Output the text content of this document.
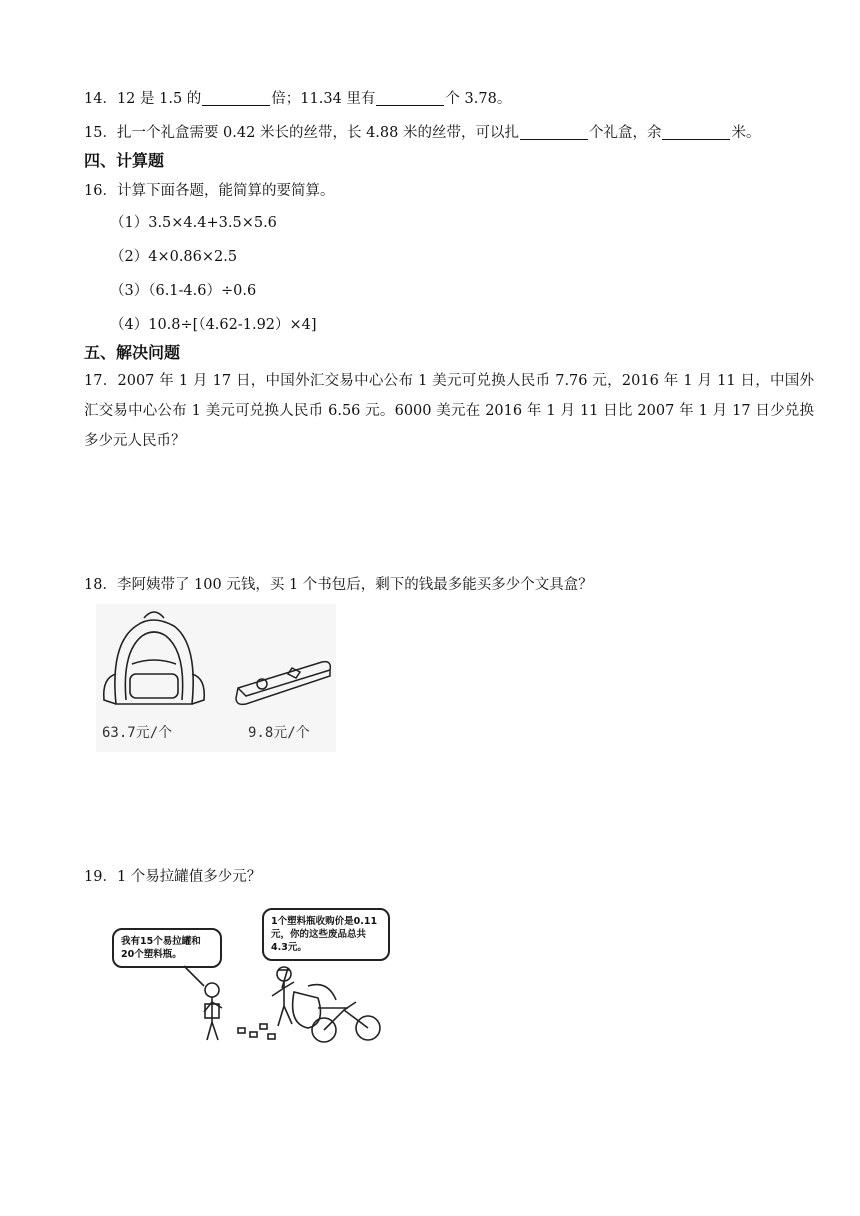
14．12 是 1.5 的	倍；11.34 里有	个 3.78。
15．扎一个礼盒需要 0.42 米长的丝带，长 4.88 米的丝带，可以扎	个礼盒，余	米。
四、计算题
16．计算下面各题，能简算的要简算。
（1）3.5×4.4+3.5×5.6
（2）4×0.86×2.5
（3）（6.1-4.6）÷0.6
（4）10.8÷[（4.62-1.92）×4]
五、解决问题
17．2007 年 1 月 17 日，中国外汇交易中心公布 1 美元可兑换人民币 7.76 元，2016 年 1 月 11 日，中国外汇交易中心公布 1 美元可兑换人民币 6.56 元。6000 美元在 2016 年 1 月 11 日比 2007 年 1 月 17 日少兑换多少元人民币？
18．李阿姨带了 100 元钱，买 1 个书包后，剩下的钱最多能买多少个文具盒？
63.7元/个	9.8元/个
19．1 个易拉罐值多少元？
我有15个易拉罐和20个塑料瓶。
1个塑料瓶收购价是0.11元，你的这些废品总共4.3元。
